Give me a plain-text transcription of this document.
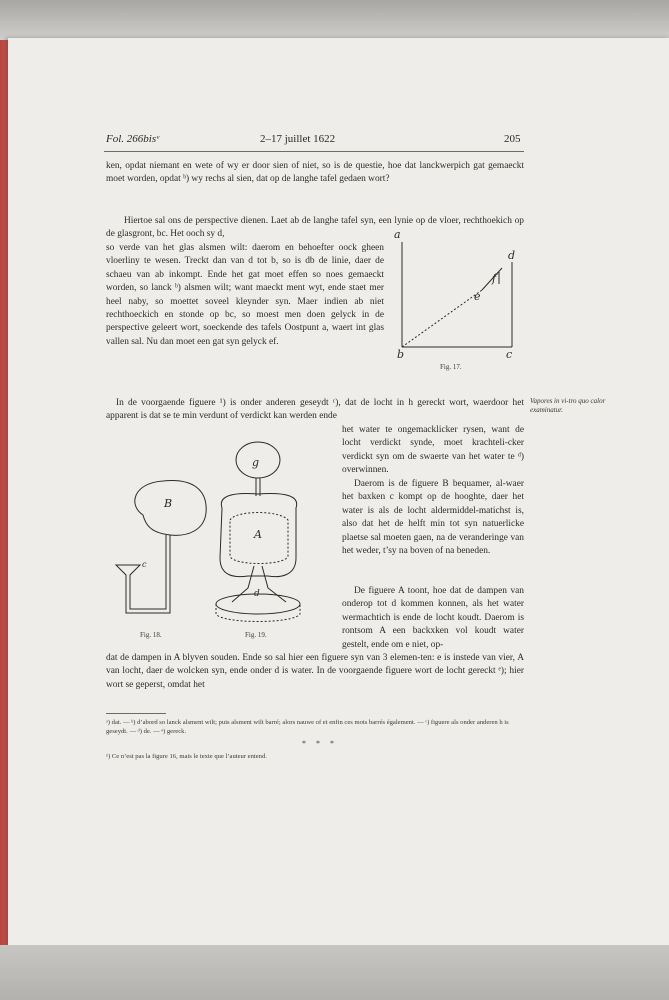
Fol. 266bisᵛ	2–17 juillet 1622	205

ken, opdat niemant en wete of wy er door sien of niet, so is de questie, hoe dat lanckwerpich gat gemaeckt moet worden, opdat ᵇ) wy rechs al sien, dat op de langhe tafel gedaen wort?

Hiertoe sal ons de perspective dienen. Laet ab de langhe tafel syn, een lynie op de vloer, rechthoekich op de glasgront, bc. Het ooch sy d,

so verde van het glas alsmen wilt: daerom en behoefter oock gheen vloerliny te wesen. Treckt dan van d tot b, so is db de linie, daer de schaeu van ab inkompt. Ende het gat moet effen so noes gemaeckt worden, so lanck ᵇ) alsmen wilt; want maeckt ment wyt, ende staet mer heel naby, so moettet soveel kleynder syn. Maer indien ab niet rechthoeckich en stonde op bc, so moest men doen gelyck in de perspective geleert wort, soeckende des tafels Oostpunt a, waert int glas vallen sal. Nu dan moet een gat syn gelyck ef.

a
b	c
d
e
f
Fig. 17.

In de voorgaende figuere ¹) is onder anderen geseydt ᶜ), dat de locht in h gereckt wort, waerdoor het apparent is dat se te min verdunt of verdickt kan werden ende

Vapores in vi-tro quo calor examinatur.

het water te ongemacklicker rysen, want de locht verdickt synde, moet krachteli-cker verdickt syn om de swaerte van het water te ᵈ) overwinnen.

Daerom is de figuere B bequamer, al-waer het baxken c kompt op de hooghte, daer het water is als de locht aldermiddel-matichst is, also dat het de helft min tot syn natuerlicke plaetse sal moeten gaen, na de veranderinge van het weder, t’sy na boven of na beneden.

De figuere A toont, hoe dat de dampen van onderop tot d kommen konnen, als het water wermachtich is ende de locht koudt. Daerom is rontsom A een backxken vol koudt water gestelt, ende om e niet, op-

B
c
Fig. 18.
g
A
d
Fig. 19.

dat de dampen in A blyven souden. Ende so sal hier een figuere syn van 3 elemen-ten: e is instede van vier, A van locht, daer de wolcken syn, ende onder d is water. In de voorgaende figuere wort de locht gereckt ᵉ); hier wort se geperst, omdat het

ᵃ) dat. — ᵇ) d’abord so lanck alsment wilt; puis alsment wilt barré; alors nauwe of et enfin ces mots barrés également. — ᶜ) figuere als onder anderen h is geseydt. — ᵈ) de. — ᵉ) gereck.
* * *
¹) Ce n’est pas la figure 16, mais le texte que l’auteur entend.
